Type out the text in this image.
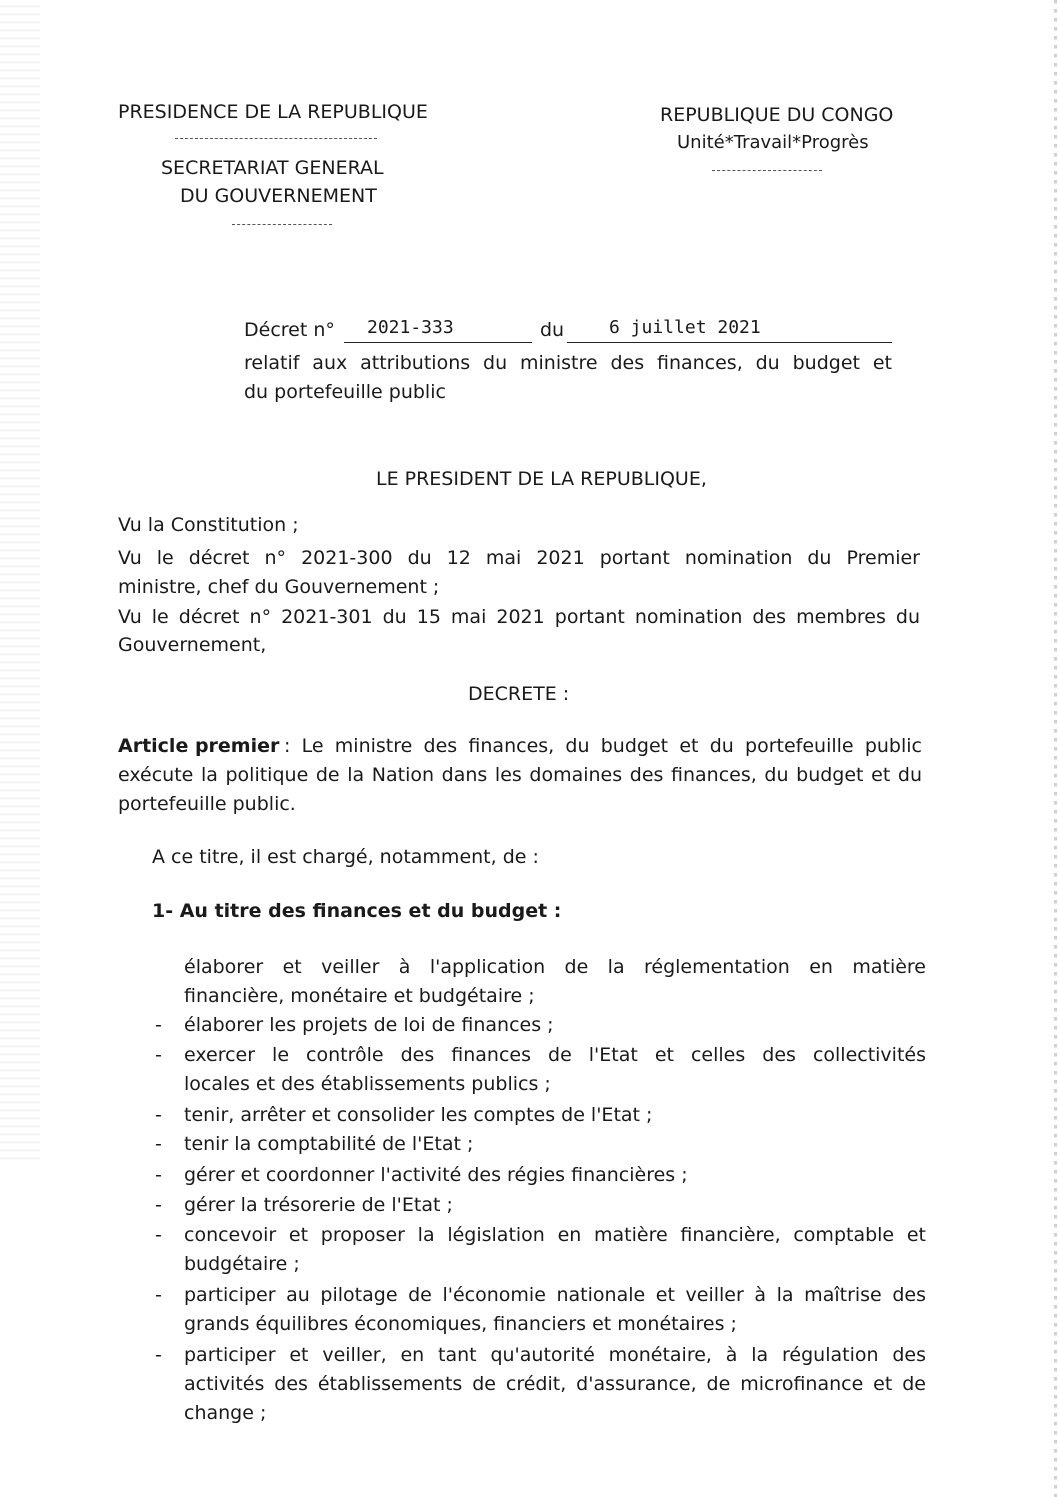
PRESIDENCE DE LA REPUBLIQUE
SECRETARIAT GENERAL
DU GOUVERNEMENT
REPUBLIQUE DU CONGO
Unité*Travail*Progrès
Décret n° 2021-333	du 6 juillet 2021
relatif aux attributions du ministre des finances, du budget et
du portefeuille public
LE PRESIDENT DE LA REPUBLIQUE,
Vu la Constitution ;
Vu le décret n° 2021-300 du 12 mai 2021 portant nomination du Premier
ministre, chef du Gouvernement ;
Vu le décret n° 2021-301 du 15 mai 2021 portant nomination des membres du
Gouvernement,
DECRETE :
Article premier : Le ministre des finances, du budget et du portefeuille public
exécute la politique de la Nation dans les domaines des finances, du budget et du
portefeuille public.
A ce titre, il est chargé, notamment, de :
1- Au titre des finances et du budget :
élaborer et veiller à l'application de la réglementation en matière
financière, monétaire et budgétaire ;
- élaborer les projets de loi de finances ;
- exercer le contrôle des finances de l'Etat et celles des collectivités
locales et des établissements publics ;
- tenir, arrêter et consolider les comptes de l'Etat ;
- tenir la comptabilité de l'Etat ;
- gérer et coordonner l'activité des régies financières ;
- gérer la trésorerie de l'Etat ;
- concevoir et proposer la législation en matière financière, comptable et
budgétaire ;
- participer au pilotage de l'économie nationale et veiller à la maîtrise des
grands équilibres économiques, financiers et monétaires ;
- participer et veiller, en tant qu'autorité monétaire, à la régulation des
activités des établissements de crédit, d'assurance, de microfinance et de
change ;
